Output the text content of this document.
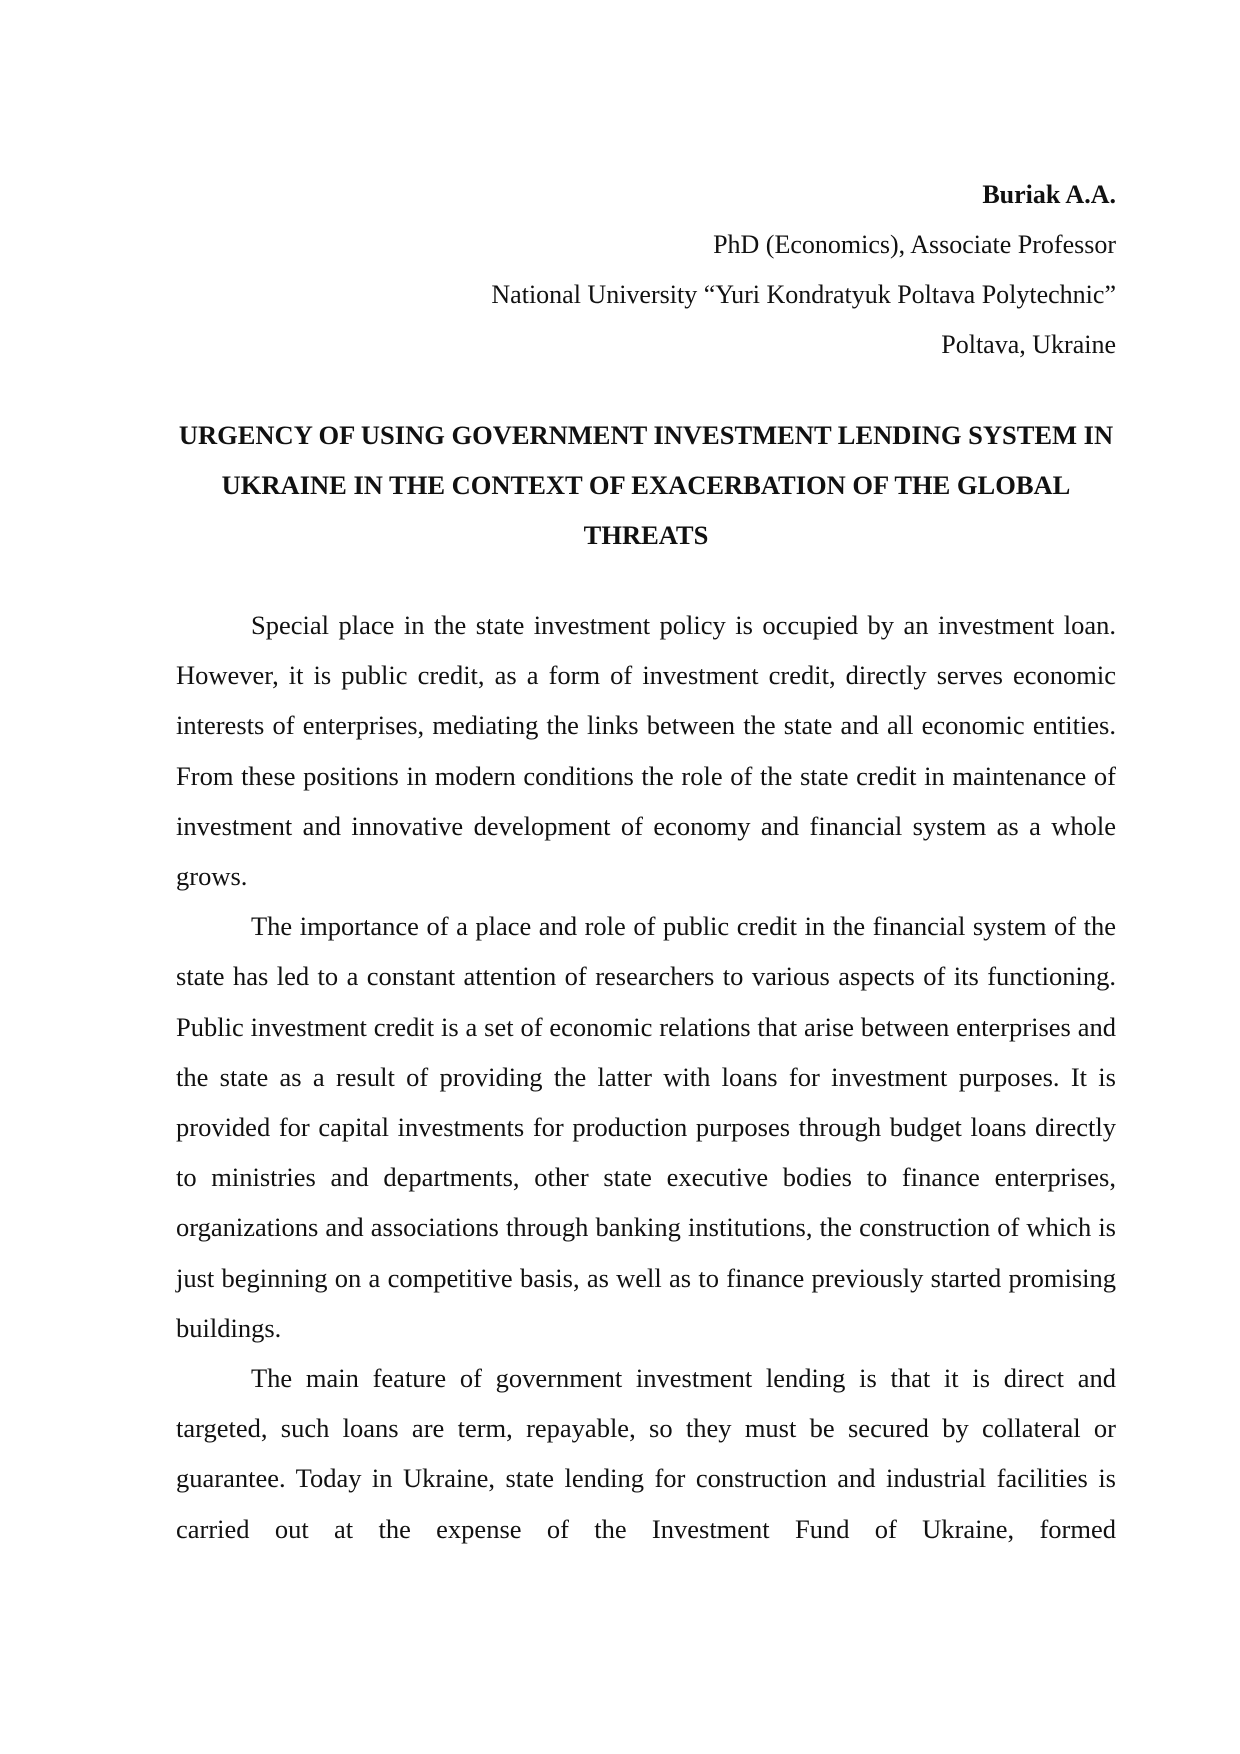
Buriak A.A.
PhD (Economics), Associate Professor
National University “Yuri Kondratyuk Poltava Polytechnic”
Poltava, Ukraine
URGENCY OF USING GOVERNMENT INVESTMENT LENDING SYSTEM IN UKRAINE IN THE CONTEXT OF EXACERBATION OF THE GLOBAL THREATS

Special place in the state investment policy is occupied by an investment loan. However, it is public credit, as a form of investment credit, directly serves economic interests of enterprises, mediating the links between the state and all economic entities. From these positions in modern conditions the role of the state credit in maintenance of investment and innovative development of economy and financial system as a whole grows.

The importance of a place and role of public credit in the financial system of the state has led to a constant attention of researchers to various aspects of its functioning. Public investment credit is a set of economic relations that arise between enterprises and the state as a result of providing the latter with loans for investment purposes. It is provided for capital investments for production purposes through budget loans directly to ministries and departments, other state executive bodies to finance enterprises, organizations and associations through banking institutions, the construction of which is just beginning on a competitive basis, as well as to finance previously started promising buildings.

The main feature of government investment lending is that it is direct and targeted, such loans are term, repayable, so they must be secured by collateral or guarantee. Today in Ukraine, state lending for construction and industrial facilities is carried out at the expense of the Investment Fund of Ukraine, formed
